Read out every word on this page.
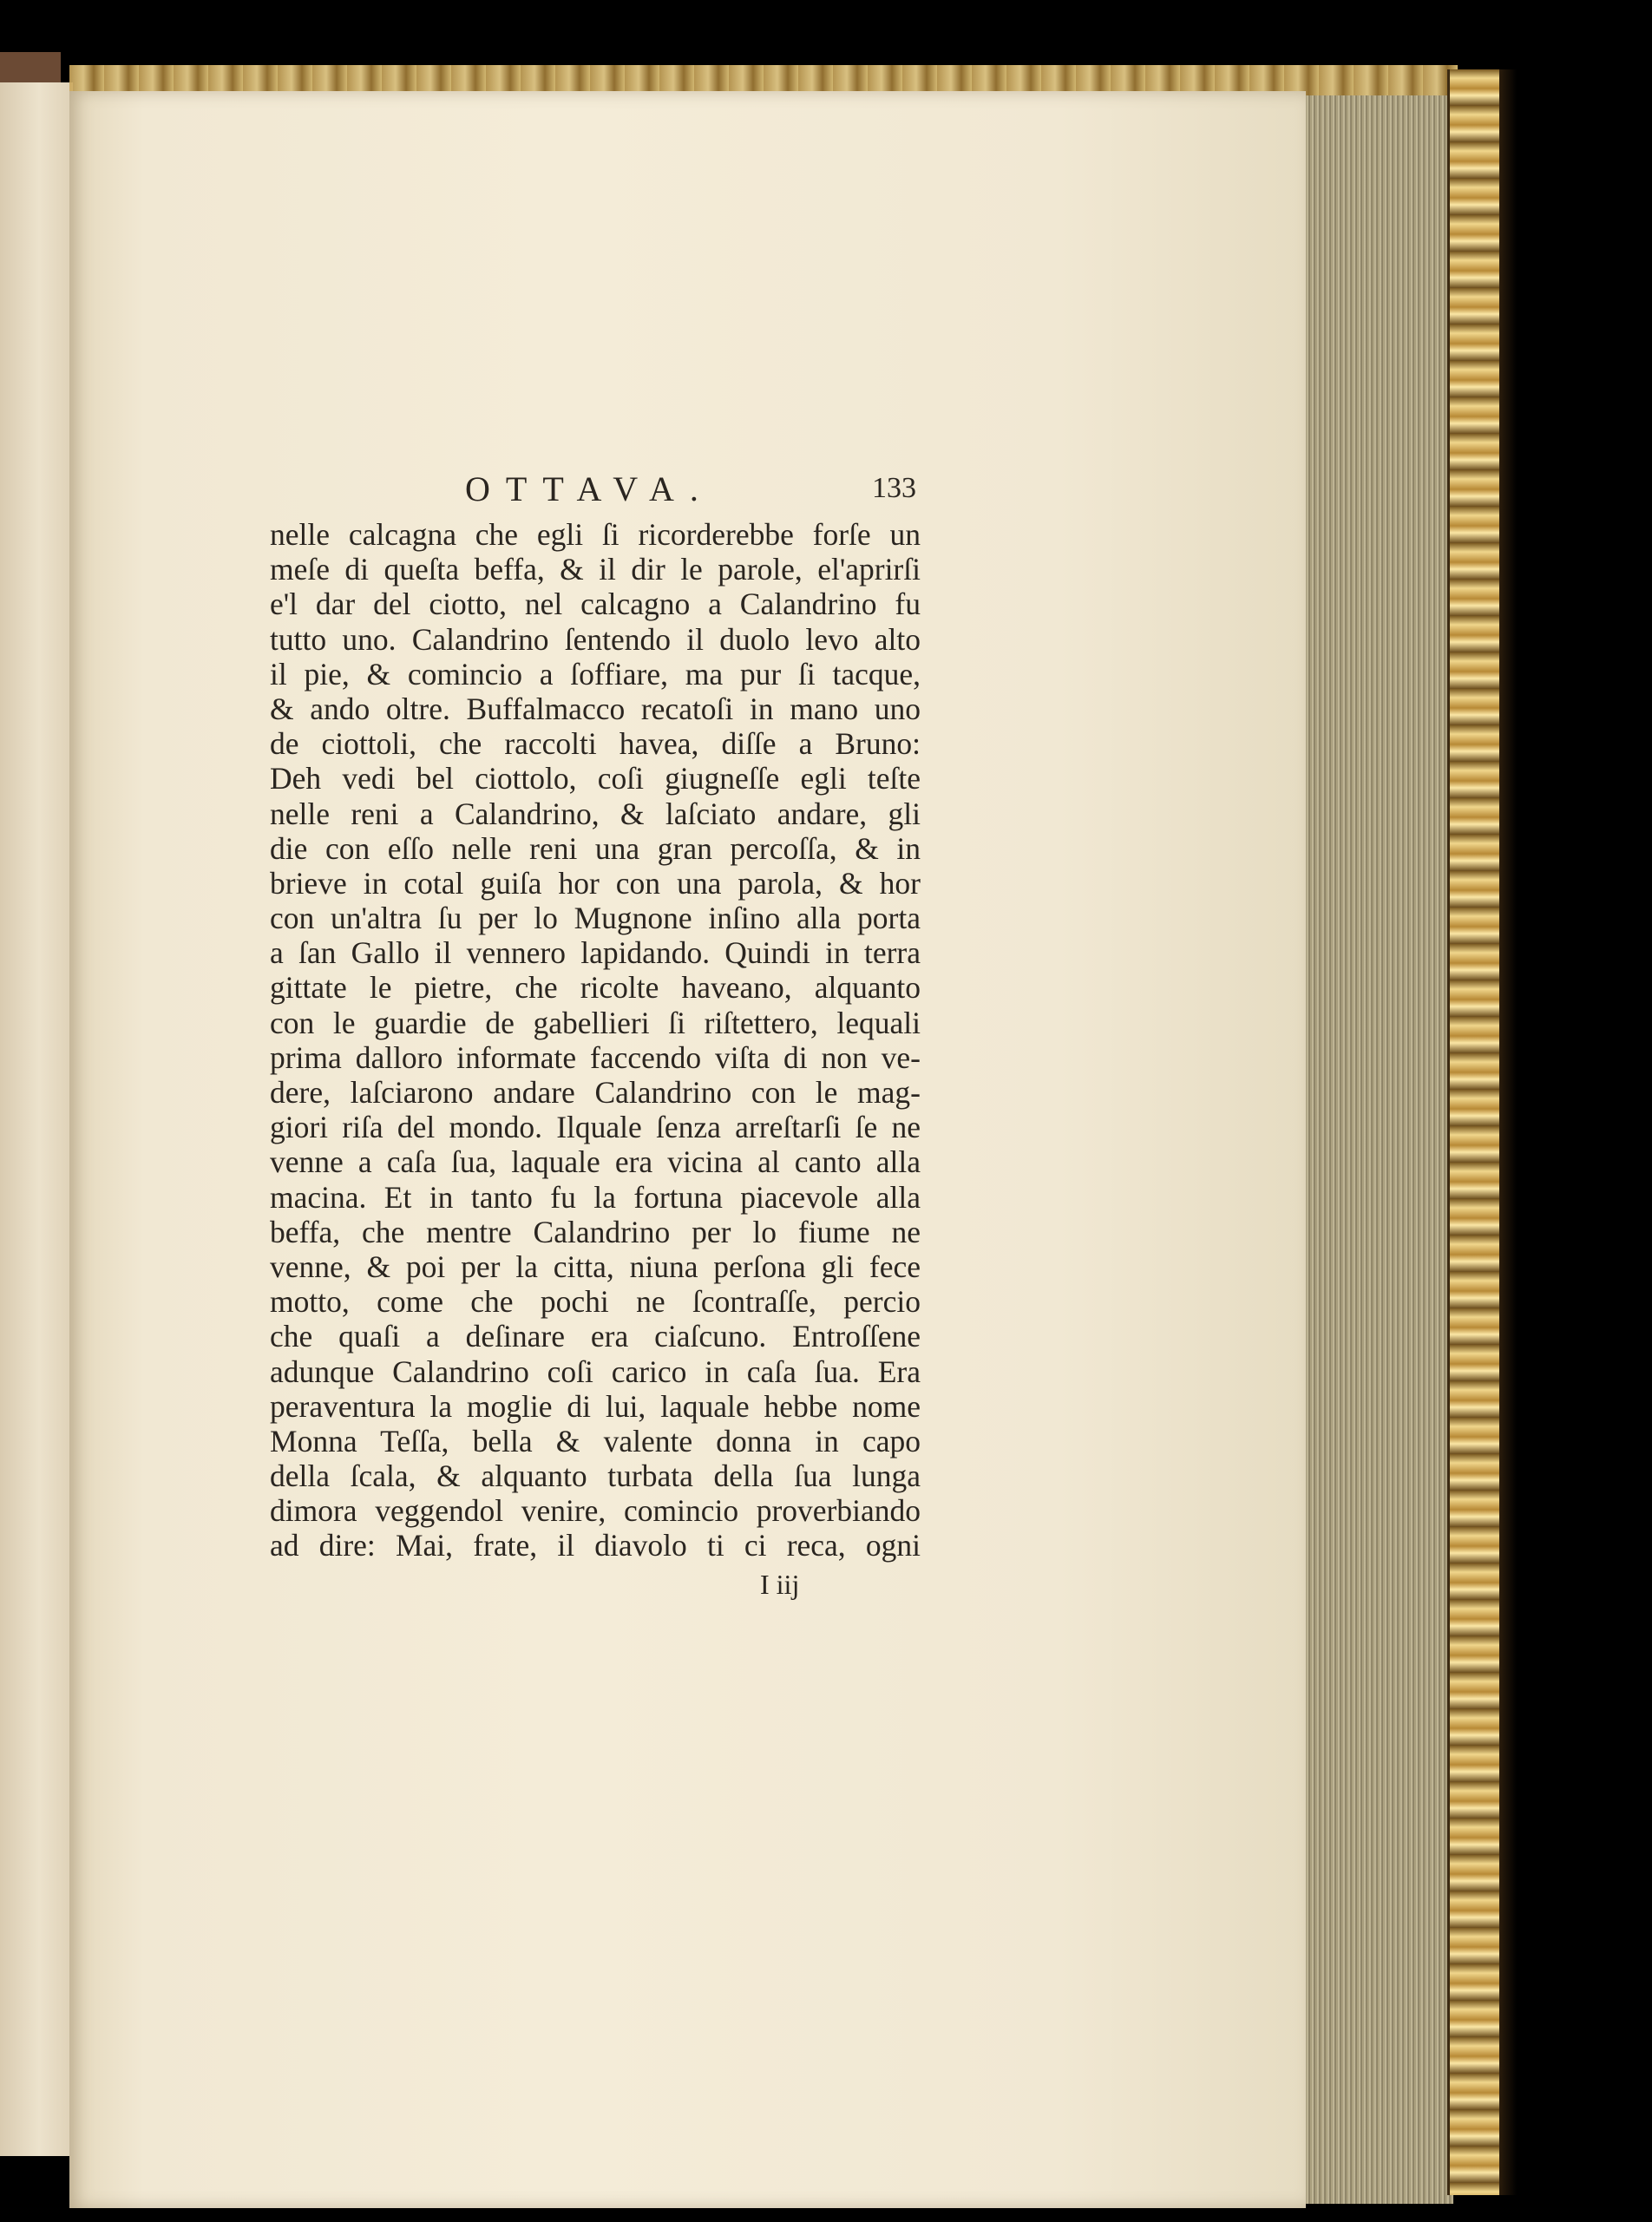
OTTAVA.	133
nelle calcagna che egli ſi ricorderebbe forſe un
meſe di queſta beffa, & il dir le parole, el'aprirſi
e'l dar del ciotto, nel calcagno a Calandrino fu
tutto uno. Calandrino ſentendo il duolo levo alto
il pie, & comincio a ſoffiare, ma pur ſi tacque,
& ando oltre. Buffalmacco recatoſi in mano uno
de ciottoli, che raccolti havea, diſſe a Bruno:
Deh vedi bel ciottolo, coſi giugneſſe egli teſte
nelle reni a Calandrino, & laſciato andare, gli
die con eſſo nelle reni una gran percoſſa, & in
brieve in cotal guiſa hor con una parola, & hor
con un'altra ſu per lo Mugnone inſino alla porta
a ſan Gallo il vennero lapidando. Quindi in terra
gittate le pietre, che ricolte haveano, alquanto
con le guardie de gabellieri ſi riſtettero, lequali
prima dalloro informate faccendo viſta di non ve-
dere, laſciarono andare Calandrino con le mag-
giori riſa del mondo. Ilquale ſenza arreſtarſi ſe ne
venne a caſa ſua, laquale era vicina al canto alla
macina. Et in tanto fu la fortuna piacevole alla
beffa, che mentre Calandrino per lo fiume ne
venne, & poi per la citta, niuna perſona gli fece
motto, come che pochi ne ſcontraſſe, percio
che quaſi a deſinare era ciaſcuno. Entroſſene
adunque Calandrino coſi carico in caſa ſua. Era
peraventura la moglie di lui, laquale hebbe nome
Monna Teſſa, bella & valente donna in capo
della ſcala, & alquanto turbata della ſua lunga
dimora veggendol venire, comincio proverbiando
ad dire: Mai, frate, il diavolo ti ci reca, ogni
I iij
